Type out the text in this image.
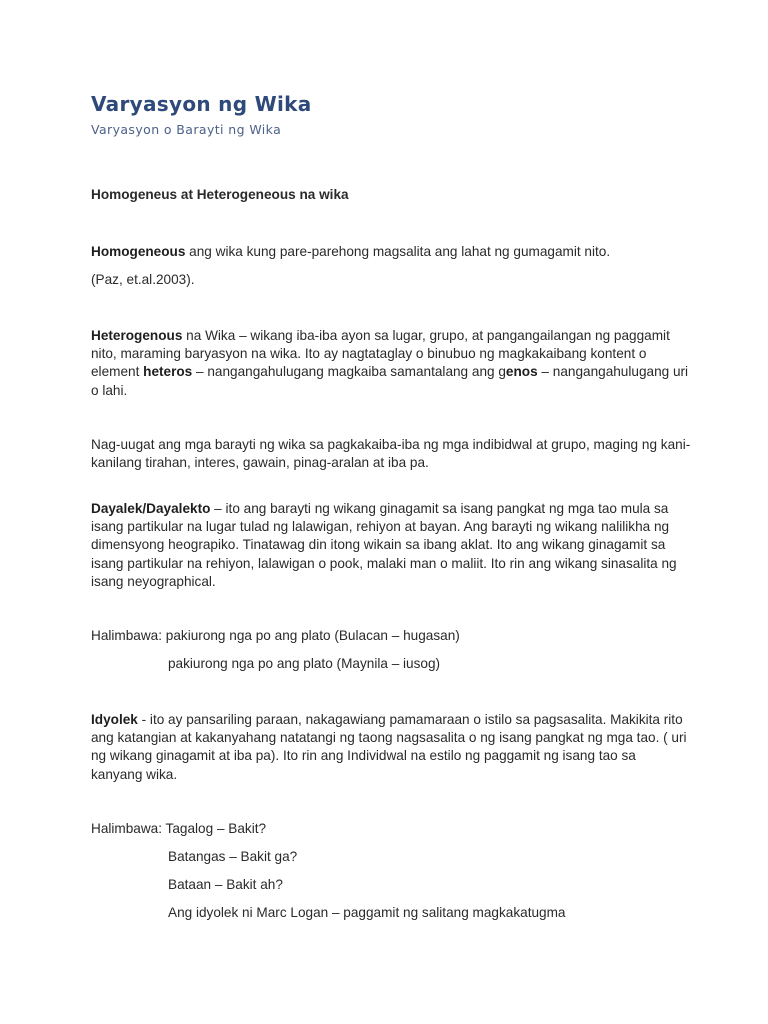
Varyasyon ng Wika
Varyasyon o Barayti ng Wika

Homogeneus at Heterogeneous na wika

Homogeneous ang wika kung pare-parehong magsalita ang lahat ng gumagamit nito.

(Paz, et.al.2003).

Heterogenous na Wika – wikang iba-iba ayon sa lugar, grupo, at pangangailangan ng paggamit nito, maraming baryasyon na wika. Ito ay nagtataglay o binubuo ng magkakaibang kontent o element heteros – nangangahulugang magkaiba samantalang ang genos – nangangahulugang uri o lahi.

Nag-uugat ang mga barayti ng wika sa pagkakaiba-iba ng mga indibidwal at grupo, maging ng kani-kanilang tirahan, interes, gawain, pinag-aralan at iba pa.

Dayalek/Dayalekto – ito ang barayti ng wikang ginagamit sa isang pangkat ng mga tao mula sa isang partikular na lugar tulad ng lalawigan, rehiyon at bayan. Ang barayti ng wikang nalilikha ng dimensyong heograpiko. Tinatawag din itong wikain sa ibang aklat. Ito ang wikang ginagamit sa isang partikular na rehiyon, lalawigan o pook, malaki man o maliit. Ito rin ang wikang sinasalita ng isang neyographical.

Halimbawa: pakiurong nga po ang plato (Bulacan – hugasan)

pakiurong nga po ang plato (Maynila – iusog)

Idyolek - ito ay pansariling paraan, nakagawiang pamamaraan o istilo sa pagsasalita. Makikita rito ang katangian at kakanyahang natatangi ng taong nagsasalita o ng isang pangkat ng mga tao. ( uri ng wikang ginagamit at iba pa). Ito rin ang Individwal na estilo ng paggamit ng isang tao sa kanyang wika.

Halimbawa: Tagalog – Bakit?

Batangas – Bakit ga?

Bataan – Bakit ah?

Ang idyolek ni Marc Logan – paggamit ng salitang magkakatugma
